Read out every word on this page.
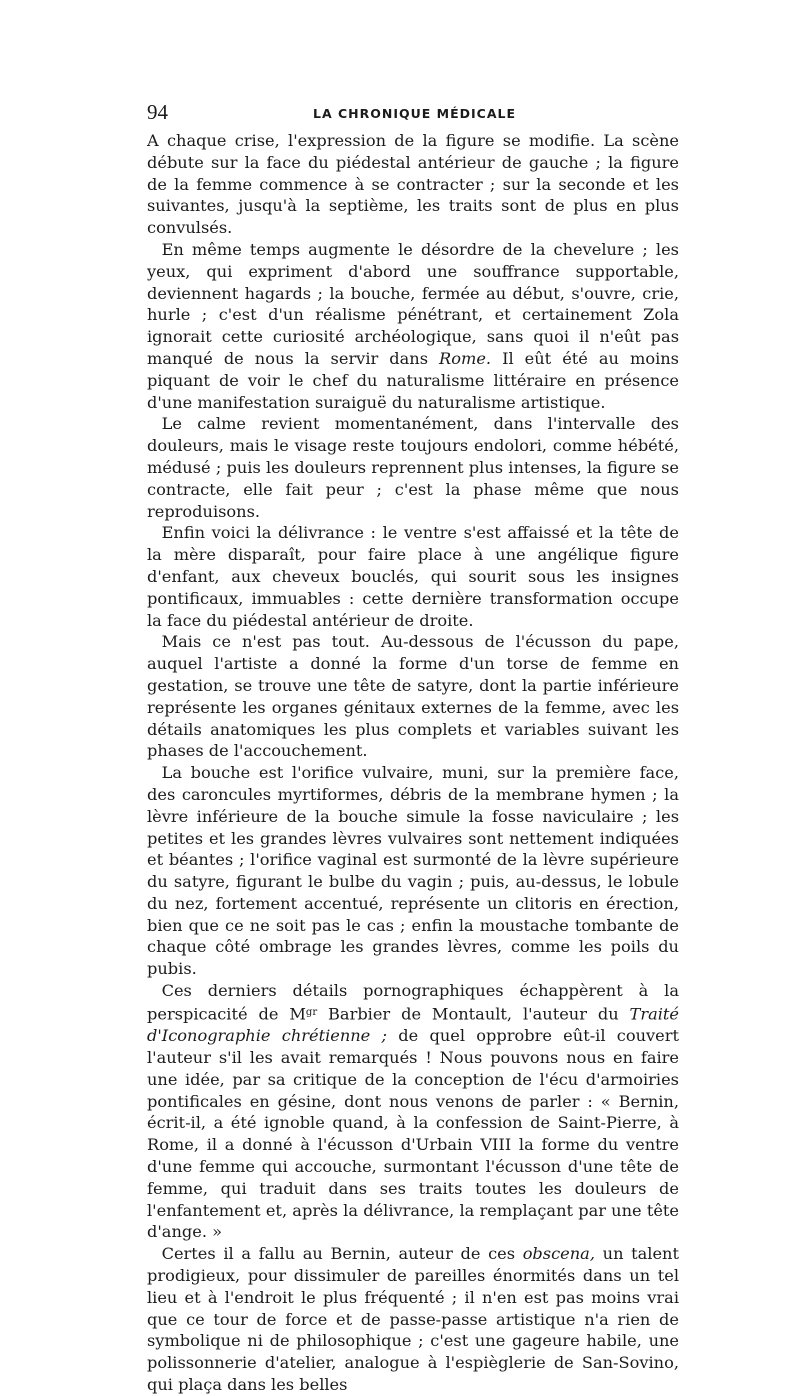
94	LA CHRONIQUE MÉDICALE

A chaque crise, l'expression de la figure se modifie. La scène débute sur la face du piédestal antérieur de gauche ; la figure de la femme commence à se contracter ; sur la seconde et les suivantes, jusqu'à la septième, les traits sont de plus en plus convulsés.

En même temps augmente le désordre de la chevelure ; les yeux, qui expriment d'abord une souffrance supportable, deviennent hagards ; la bouche, fermée au début, s'ouvre, crie, hurle ; c'est d'un réalisme pénétrant, et certainement Zola ignorait cette curiosité archéologique, sans quoi il n'eût pas manqué de nous la servir dans Rome. Il eût été au moins piquant de voir le chef du naturalisme littéraire en présence d'une manifestation suraiguë du naturalisme artistique.

Le calme revient momentanément, dans l'intervalle des douleurs, mais le visage reste toujours endolori, comme hébété, médusé ; puis les douleurs reprennent plus intenses, la figure se contracte, elle fait peur ; c'est la phase même que nous reproduisons.

Enfin voici la délivrance : le ventre s'est affaissé et la tête de la mère disparaît, pour faire place à une angélique figure d'enfant, aux cheveux bouclés, qui sourit sous les insignes pontificaux, immuables : cette dernière transformation occupe la face du piédestal antérieur de droite.

Mais ce n'est pas tout. Au-dessous de l'écusson du pape, auquel l'artiste a donné la forme d'un torse de femme en gestation, se trouve une tête de satyre, dont la partie inférieure représente les organes génitaux externes de la femme, avec les détails anatomiques les plus complets et variables suivant les phases de l'accouchement.

La bouche est l'orifice vulvaire, muni, sur la première face, des caroncules myrtiformes, débris de la membrane hymen ; la lèvre inférieure de la bouche simule la fosse naviculaire ; les petites et les grandes lèvres vulvaires sont nettement indiquées et béantes ; l'orifice vaginal est surmonté de la lèvre supérieure du satyre, figurant le bulbe du vagin ; puis, au-dessus, le lobule du nez, fortement accentué, représente un clitoris en érection, bien que ce ne soit pas le cas ; enfin la moustache tombante de chaque côté ombrage les grandes lèvres, comme les poils du pubis.

Ces derniers détails pornographiques échappèrent à la perspicacité de $M^{gr}$ Barbier de Montault, l'auteur du Traité d'Iconographie chrétienne ; de quel opprobre eût-il couvert l'auteur s'il les avait remarqués ! Nous pouvons nous en faire une idée, par sa critique de la conception de l'écu d'armoiries pontificales en gésine, dont nous venons de parler : « Bernin, écrit-il, a été ignoble quand, à la confession de Saint-Pierre, à Rome, il a donné à l'écusson d'Urbain VIII la forme du ventre d'une femme qui accouche, surmontant l'écusson d'une tête de femme, qui traduit dans ses traits toutes les douleurs de l'enfantement et, après la délivrance, la remplaçant par une tête d'ange. »

Certes il a fallu au Bernin, auteur de ces obscena, un talent prodigieux, pour dissimuler de pareilles énormités dans un tel lieu et à l'endroit le plus fréquenté ; il n'en est pas moins vrai que ce tour de force et de passe-passe artistique n'a rien de symbolique ni de philosophique ; c'est une gageure habile, une polissonnerie d'atelier, analogue à l'espièglerie de San-Sovino, qui plaça dans les belles
